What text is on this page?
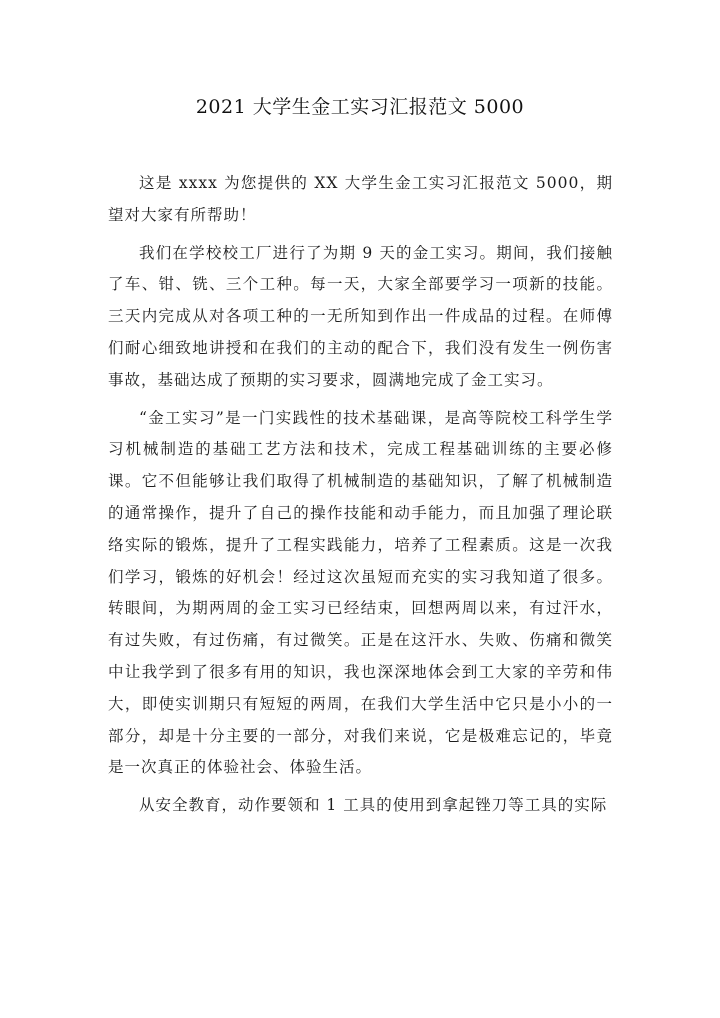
2021 大学生金工实习汇报范文 5000

这是 xxxx 为您提供的 XX 大学生金工实习汇报范文 5000，期望对大家有所帮助！

我们在学校校工厂进行了为期 9 天的金工实习。期间，我们接触了车、钳、铣、三个工种。每一天，大家全部要学习一项新的技能。三天内完成从对各项工种的一无所知到作出一件成品的过程。在师傅们耐心细致地讲授和在我们的主动的配合下，我们没有发生一例伤害事故，基础达成了预期的实习要求，圆满地完成了金工实习。

“金工实习”是一门实践性的技术基础课，是高等院校工科学生学习机械制造的基础工艺方法和技术，完成工程基础训练的主要必修课。它不但能够让我们取得了机械制造的基础知识，了解了机械制造的通常操作，提升了自己的操作技能和动手能力，而且加强了理论联络实际的锻炼，提升了工程实践能力，培养了工程素质。这是一次我们学习，锻炼的好机会！经过这次虽短而充实的实习我知道了很多。转眼间，为期两周的金工实习已经结束，回想两周以来，有过汗水，有过失败，有过伤痛，有过微笑。正是在这汗水、失败、伤痛和微笑中让我学到了很多有用的知识，我也深深地体会到工大家的辛劳和伟大，即使实训期只有短短的两周，在我们大学生活中它只是小小的一部分，却是十分主要的一部分，对我们来说，它是极难忘记的，毕竟是一次真正的体验社会、体验生活。

从安全教育，动作要领和 1 工具的使用到拿起锉刀等工具的实际
